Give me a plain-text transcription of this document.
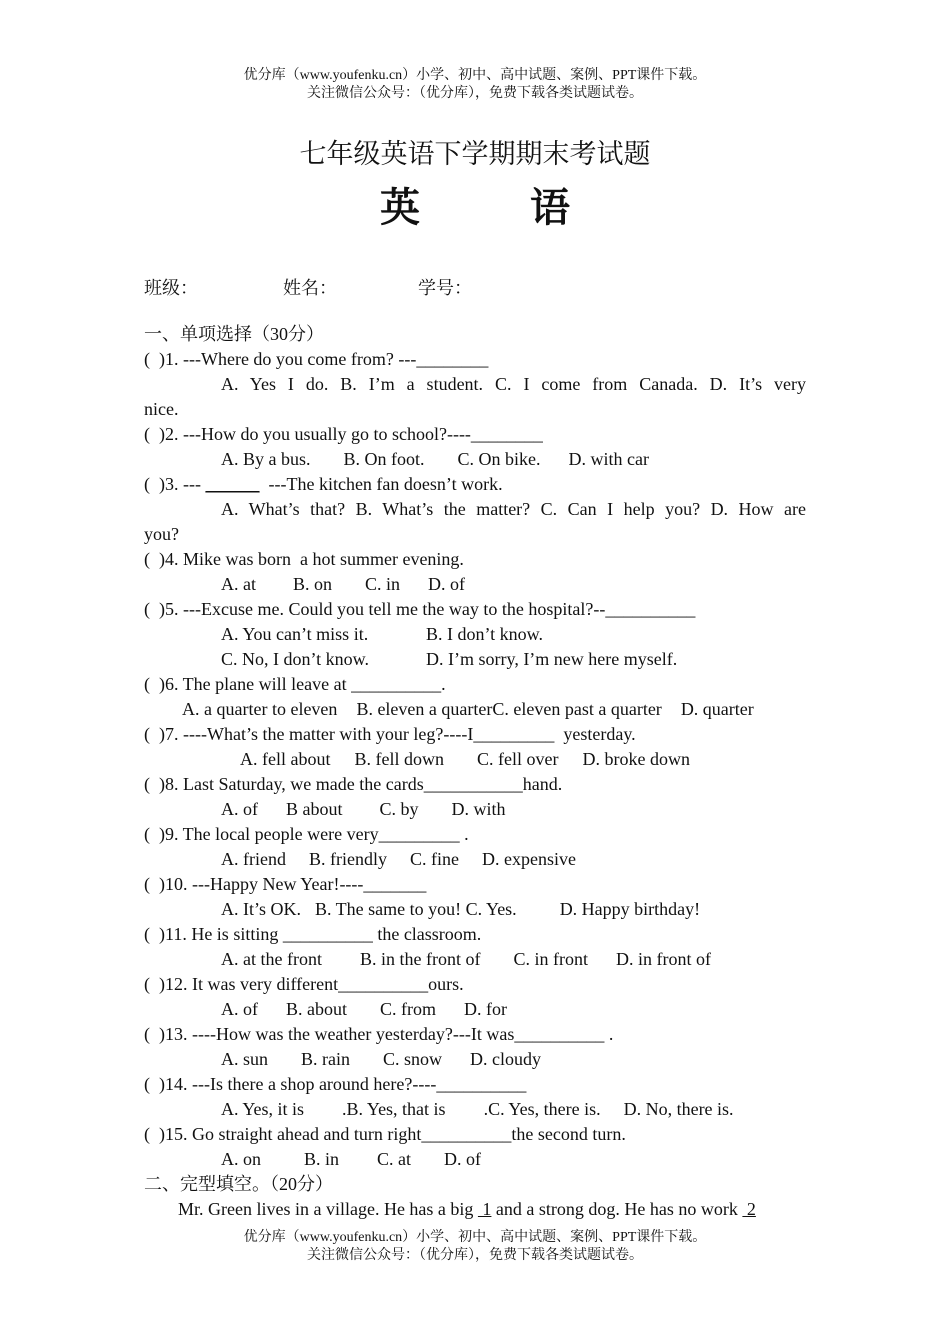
优分库（www.youfenku.cn）小学、初中、高中试题、案例、PPT课件下载。
关注微信公众号：（优分库），免费下载各类试题试卷。
七年级英语下学期期末考试题
英	语
班级：	姓名：	学号：
一、单项选择（30分）
(  )1. ---Where do you come from? ---________
A. Yes I do. B. I’m a student. C. I come from Canada. D. It’s very
nice.
(  )2. ---How do you usually go to school?----________
A. By a bus. B. On foot. C. On bike. D. with car
(  )3. --- ______  ---The kitchen fan doesn’t work.
A. What’s that? B. What’s the matter? C. Can I help you? D. How are
you?
(  )4. Mike was born  a hot summer evening.
A. at B. on C. in D. of
(  )5. ---Excuse me. Could you tell me the way to the hospital?--__________
A. You can’t miss it.	B. I don’t know.
C. No, I don’t know.	D. I’m sorry, I’m new here myself.
(  )6. The plane will leave at __________.
A. a quarter to eleven B. eleven a quarterC. eleven past a quarter D. quarter
(  )7. ----What’s the matter with your leg?----I_________  yesterday.
A. fell about B. fell down C. fell over D. broke down
(  )8. Last Saturday, we made the cards___________hand.
A. of B about C. by D. with
(  )9. The local people were very_________ .
A. friend B. friendly C. fine D. expensive
(  )10. ---Happy New Year!----_______
A. It’s OK. B. The same to you! C. Yes. D. Happy birthday!
(  )11. He is sitting __________ the classroom.
A. at the front B. in the front of C. in front D. in front of
(  )12. It was very different__________ours.
A. of B. about C. from D. for
(  )13. ----How was the weather yesterday?---It was__________ .
A. sun B. rain C. snow D. cloudy
(  )14. ---Is there a shop around here?----__________
A. Yes, it is .B. Yes, that is .C. Yes, there is. D. No, there is.
(  )15. Go straight ahead and turn right__________the second turn.
A. on B. in C. at D. of
二、完型填空。（20分）
Mr. Green lives in a village. He has a big  1 and a strong dog. He has no work  2
优分库（www.youfenku.cn）小学、初中、高中试题、案例、PPT课件下载。
关注微信公众号：（优分库），免费下载各类试题试卷。
